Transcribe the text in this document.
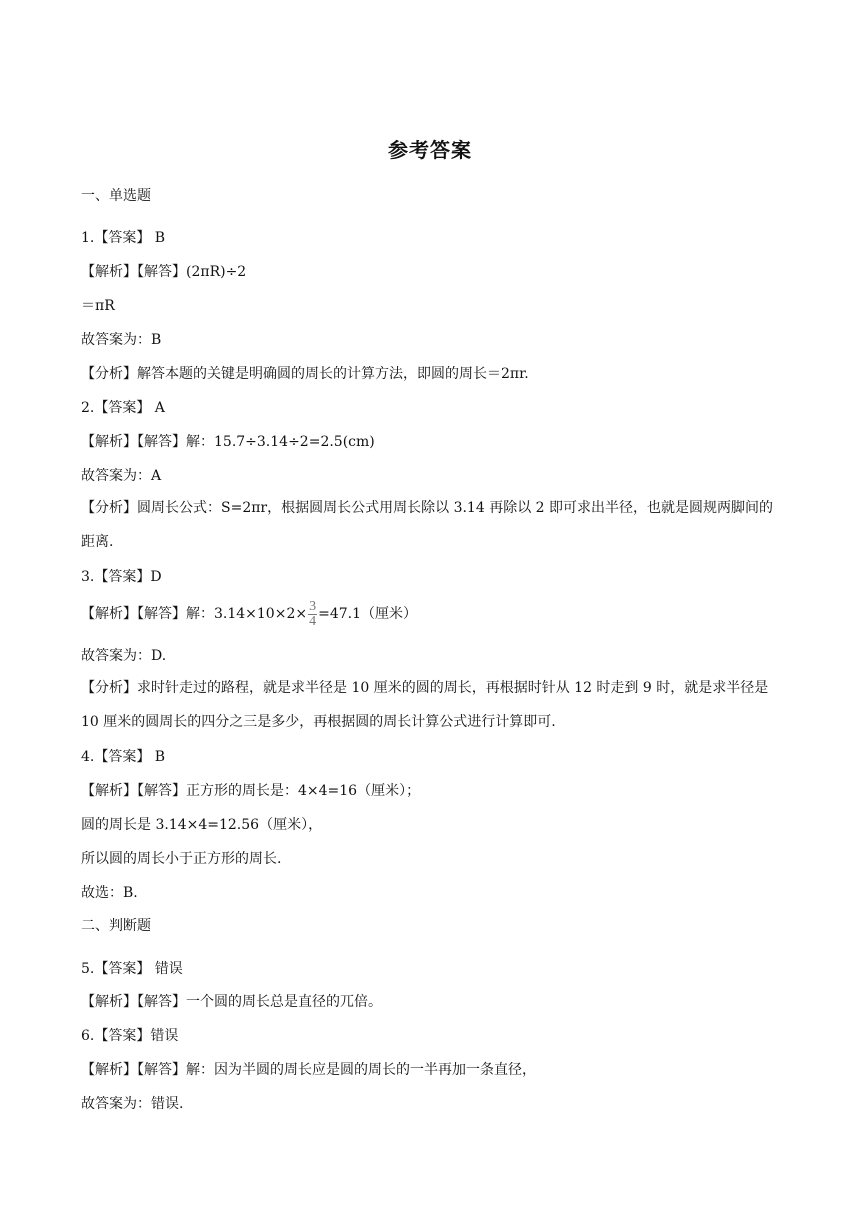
参考答案
一、单选题
1.【答案】 B
【解析】【解答】(2πR)÷2
＝πR
故答案为：B
【分析】解答本题的关键是明确圆的周长的计算方法，即圆的周长＝2πr.
2.【答案】 A
【解析】【解答】解：15.7÷3.14÷2=2.5(cm)
故答案为：A
【分析】圆周长公式：S=2πr，根据圆周长公式用周长除以 3.14 再除以 2 即可求出半径，也就是圆规两脚间的距离.
3.【答案】D
【解析】【解答】解：$3.14\times 10\times 2\times \frac{3}{4} =47.1$（厘米）
故答案为：D.
【分析】求时针走过的路程，就是求半径是 10 厘米的圆的周长，再根据时针从 12 时走到 9 时，就是求半径是 10 厘米的圆周长的四分之三是多少，再根据圆的周长计算公式进行计算即可.
4.【答案】 B
【解析】【解答】正方形的周长是：4×4=16（厘米）；
圆的周长是 3.14×4=12.56（厘米），
所以圆的周长小于正方形的周长.
故选：B.
二、判断题
5.【答案】 错误
【解析】【解答】一个圆的周长总是直径的兀倍。
6.【答案】错误
【解析】【解答】解：因为半圆的周长应是圆的周长的一半再加一条直径，
故答案为：错误.
